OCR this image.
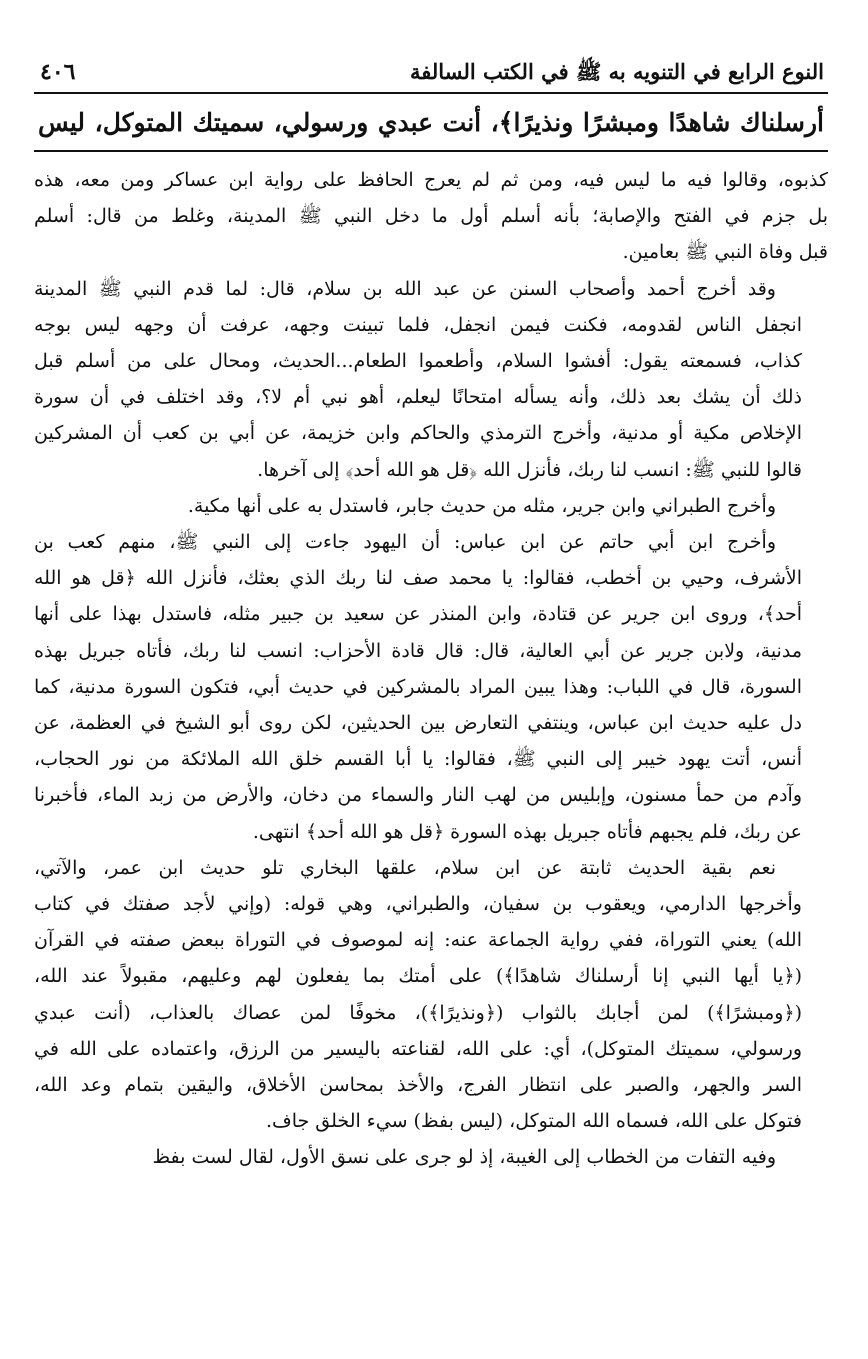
النوع الرابع في التنويه به ﷺ في الكتب السالفة
٤٠٦
أرسلناك شاهدًا ومبشرًا ونذيرًا﴾، أنت عبدي ورسولي، سميتك المتوكل، ليس
كذبوه، وقالوا فيه ما ليس فيه، ومن ثم لم يعرج الحافظ على رواية ابن عساكر ومن معه، هذه
بل جزم في الفتح والإصابة؛ بأنه أسلم أول ما دخل النبي ﷺ المدينة، وغلط من قال: أسلم
قبل وفاة النبي ﷺ بعامين.
وقد أخرج أحمد وأصحاب السنن عن عبد الله بن سلام، قال: لما قدم النبي ﷺ المدينة
انجفل الناس لقدومه، فكنت فيمن انجفل، فلما تبينت وجهه، عرفت أن وجهه ليس بوجه
كذاب، فسمعته يقول: أفشوا السلام، وأطعموا الطعام...الحديث، ومحال على من أسلم قبل
ذلك أن يشك بعد ذلك، وأنه يسأله امتحانًا ليعلم، أهو نبي أم لا؟، وقد اختلف في أن سورة
الإخلاص مكية أو مدنية، وأخرج الترمذي والحاكم وابن خزيمة، عن أبي بن كعب أن المشركين
قالوا للنبي ﷺ: انسب لنا ربك، فأنزل الله ﴿قل هو الله أحد﴾ إلى آخرها.
وأخرج الطبراني وابن جرير، مثله من حديث جابر، فاستدل به على أنها مكية.
وأخرج ابن أبي حاتم عن ابن عباس: أن اليهود جاءت إلى النبي ﷺ، منهم كعب بن
الأشرف، وحيي بن أخطب، فقالوا: يا محمد صف لنا ربك الذي بعثك، فأنزل الله ﴿قل هو الله
أحد﴾، وروى ابن جرير عن قتادة، وابن المنذر عن سعيد بن جبير مثله، فاستدل بهذا على أنها
مدنية، ولابن جرير عن أبي العالية، قال: قال قادة الأحزاب: انسب لنا ربك، فأتاه جبريل بهذه
السورة، قال في اللباب: وهذا يبين المراد بالمشركين في حديث أبي، فتكون السورة مدنية، كما
دل عليه حديث ابن عباس، وينتفي التعارض بين الحديثين، لكن روى أبو الشيخ في العظمة، عن
أنس، أتت يهود خيبر إلى النبي ﷺ، فقالوا: يا أبا القسم خلق الله الملائكة من نور الحجاب،
وآدم من حمأ مسنون، وإبليس من لهب النار والسماء من دخان، والأرض من زبد الماء، فأخبرنا
عن ربك، فلم يجبهم فأتاه جبريل بهذه السورة ﴿قل هو الله أحد﴾ انتهى.
نعم بقية الحديث ثابتة عن ابن سلام، علقها البخاري تلو حديث ابن عمر، والآتي،
وأخرجها الدارمي، ويعقوب بن سفيان، والطبراني، وهي قوله: (وإني لأجد صفتك في كتاب
الله) يعني التوراة، ففي رواية الجماعة عنه: إنه لموصوف في التوراة ببعض صفته في القرآن
(﴿يا أيها النبي إنا أرسلناك شاهدًا﴾) على أمتك بما يفعلون لهم وعليهم، مقبولاً عند الله،
(﴿ومبشرًا﴾) لمن أجابك بالثواب (﴿ونذيرًا﴾)، مخوفًا لمن عصاك بالعذاب، (أنت عبدي
ورسولي، سميتك المتوكل)، أي: على الله، لقناعته باليسير من الرزق، واعتماده على الله في
السر والجهر، والصبر على انتظار الفرج، والأخذ بمحاسن الأخلاق، واليقين بتمام وعد الله،
فتوكل على الله، فسماه الله المتوكل، (ليس بفظ) سيء الخلق جاف.
وفيه التفات من الخطاب إلى الغيبة، إذ لو جرى على نسق الأول، لقال لست بفظ
